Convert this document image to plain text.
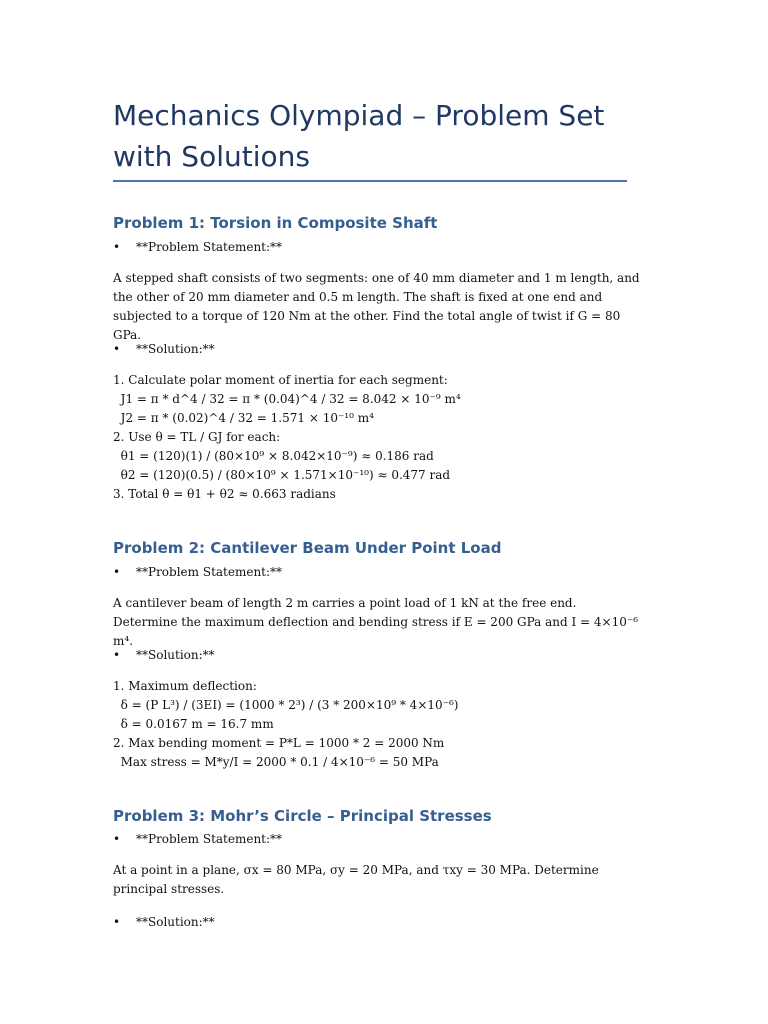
Mechanics Olympiad – Problem Set with Solutions
Problem 1: Torsion in Composite Shaft
• **Problem Statement:**

A stepped shaft consists of two segments: one of 40 mm diameter and 1 m length, and the other of 20 mm diameter and 0.5 m length. The shaft is fixed at one end and subjected to a torque of 120 Nm at the other. Find the total angle of twist if G = 80 GPa.

• **Solution:**
1. Calculate polar moment of inertia for each segment:
J1 = π * d^4 / 32 = π * (0.04)^4 / 32 = 8.042 × 10⁻⁹ m⁴
J2 = π * (0.02)^4 / 32 = 1.571 × 10⁻¹⁰ m⁴
2. Use θ = TL / GJ for each:
θ1 = (120)(1) / (80×10⁹ × 8.042×10⁻⁹) ≈ 0.186 rad
θ2 = (120)(0.5) / (80×10⁹ × 1.571×10⁻¹⁰) ≈ 0.477 rad
3. Total θ = θ1 + θ2 ≈ 0.663 radians
Problem 2: Cantilever Beam Under Point Load
• **Problem Statement:**

A cantilever beam of length 2 m carries a point load of 1 kN at the free end. Determine the maximum deflection and bending stress if E = 200 GPa and I = 4×10⁻⁶ m⁴.

• **Solution:**
1. Maximum deflection:
δ = (P L³) / (3EI) = (1000 * 2³) / (3 * 200×10⁹ * 4×10⁻⁶)
δ = 0.0167 m = 16.7 mm
2. Max bending moment = P*L = 1000 * 2 = 2000 Nm
Max stress = M*y/I = 2000 * 0.1 / 4×10⁻⁶ = 50 MPa
Problem 3: Mohr’s Circle – Principal Stresses
• **Problem Statement:**

At a point in a plane, σx = 80 MPa, σy = 20 MPa, and τxy = 30 MPa. Determine principal stresses.

• **Solution:**
